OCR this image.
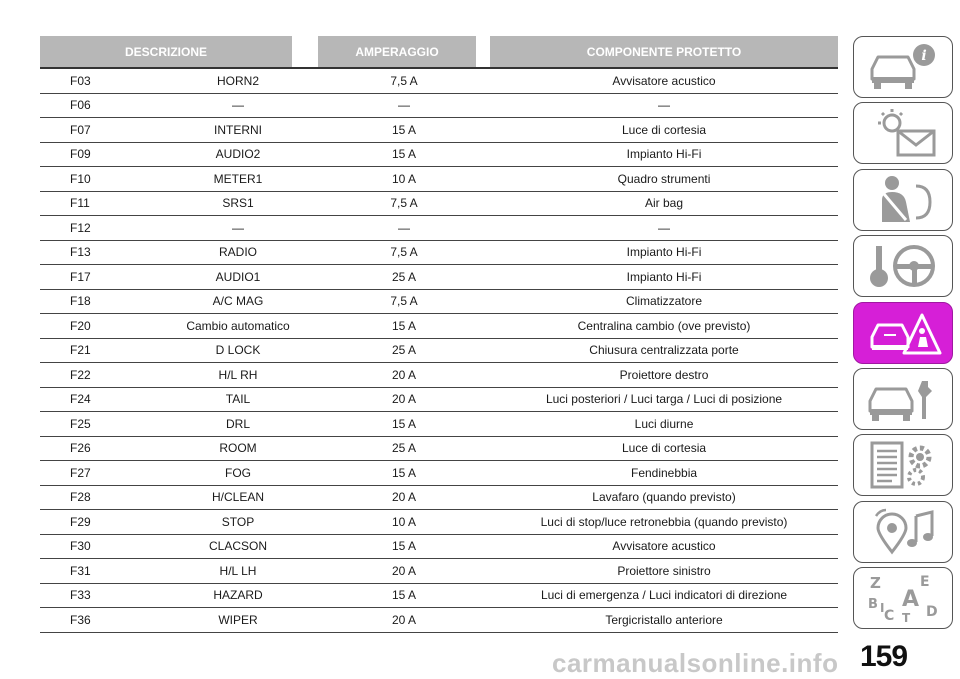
DESCRIZIONE			AMPERAGGIO		COMPONENTE PROTETTO
F03	HORN2		7,5 A		Avvisatore acustico
F06	—		—		—
F07	INTERNI		15 A		Luce di cortesia
F09	AUDIO2		15 A		Impianto Hi-Fi
F10	METER1		10 A		Quadro strumenti
F11	SRS1		7,5 A		Air bag
F12	—		—		—
F13	RADIO		7,5 A		Impianto Hi-Fi
F17	AUDIO1		25 A		Impianto Hi-Fi
F18	A/C MAG		7,5 A		Climatizzatore
F20	Cambio automatico		15 A		Centralina cambio (ove previsto)
F21	D LOCK		25 A		Chiusura centralizzata porte
F22	H/L RH		20 A		Proiettore destro
F24	TAIL		20 A		Luci posteriori / Luci targa / Luci di posizione
F25	DRL		15 A		Luci diurne
F26	ROOM		25 A		Luce di cortesia
F27	FOG		15 A		Fendinebbia
F28	H/CLEAN		20 A		Lavafaro (quando previsto)
F29	STOP		10 A		Luci di stop/luce retronebbia (quando previsto)
F30	CLACSON		15 A		Avvisatore acustico
F31	H/L LH		20 A		Proiettore sinistro
F33	HAZARD		15 A		Luci di emergenza / Luci indicatori di direzione
F36	WIPER		20 A		Tergicristallo anteriore
i
Z	E
A
B
C D
T
I
159
carmanualsonline.info
